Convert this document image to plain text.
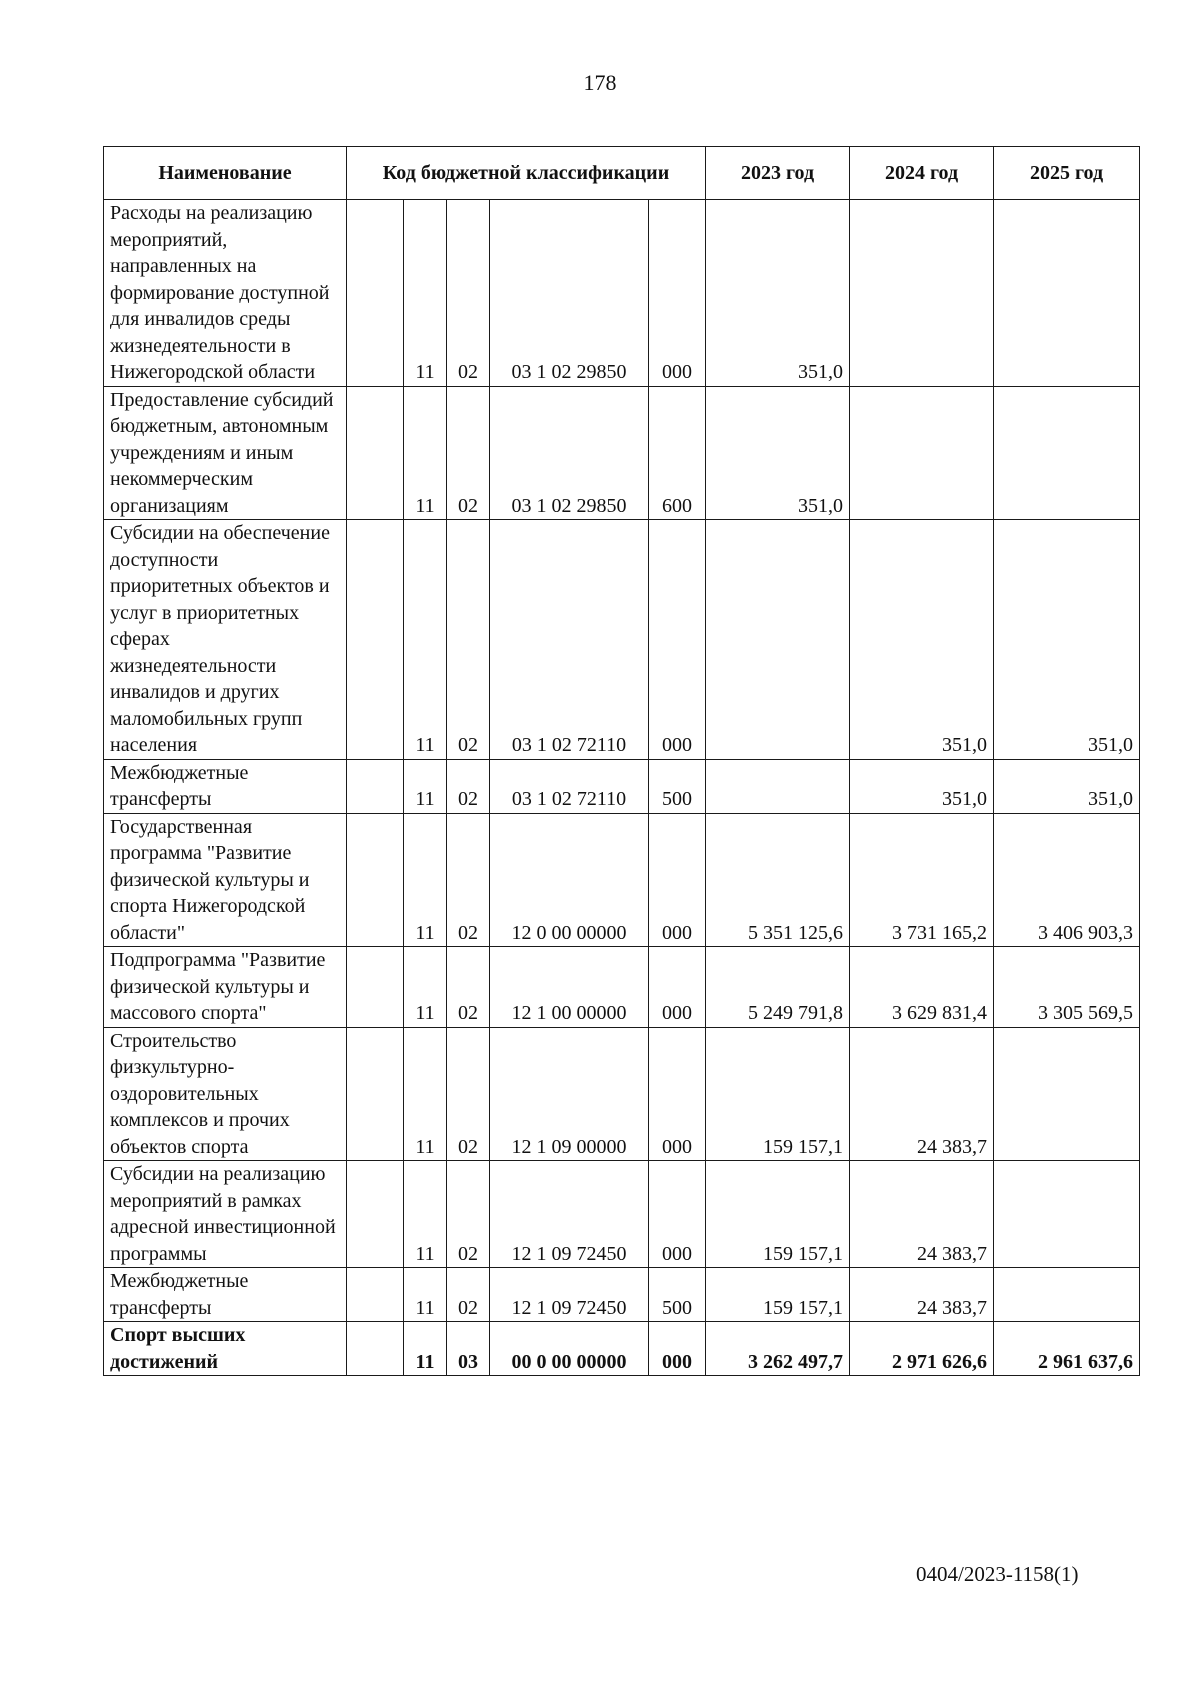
178
Наименование	Код бюджетной классификации					2023 год	2024 год	2025 год
Расходы на реализацию мероприятий, направленных на формирование доступной для инвалидов среды жизнедеятельности в Нижегородской области		11	02	03 1 02 29850	000	351,0		
Предоставление субсидий бюджетным, автономным учреждениям и иным некоммерческим организациям		11	02	03 1 02 29850	600	351,0		
Субсидии на обеспечение доступности приоритетных объектов и услуг в приоритетных сферах жизнедеятельности инвалидов и других маломобильных групп населения		11	02	03 1 02 72110	000		351,0	351,0
Межбюджетные трансферты		11	02	03 1 02 72110	500		351,0	351,0
Государственная программа "Развитие физической культуры и спорта Нижегородской области"		11	02	12 0 00 00000	000	5 351 125,6	3 731 165,2	3 406 903,3
Подпрограмма "Развитие физической культуры и массового спорта"		11	02	12 1 00 00000	000	5 249 791,8	3 629 831,4	3 305 569,5
Строительство физкультурно-оздоровительных комплексов и прочих объектов спорта		11	02	12 1 09 00000	000	159 157,1	24 383,7	
Субсидии на реализацию мероприятий в рамках адресной инвестиционной программы		11	02	12 1 09 72450	000	159 157,1	24 383,7	
Межбюджетные трансферты		11	02	12 1 09 72450	500	159 157,1	24 383,7	
Спорт высших достижений		11	03	00 0 00 00000	000	3 262 497,7	2 971 626,6	2 961 637,6
0404/2023-1158(1)
